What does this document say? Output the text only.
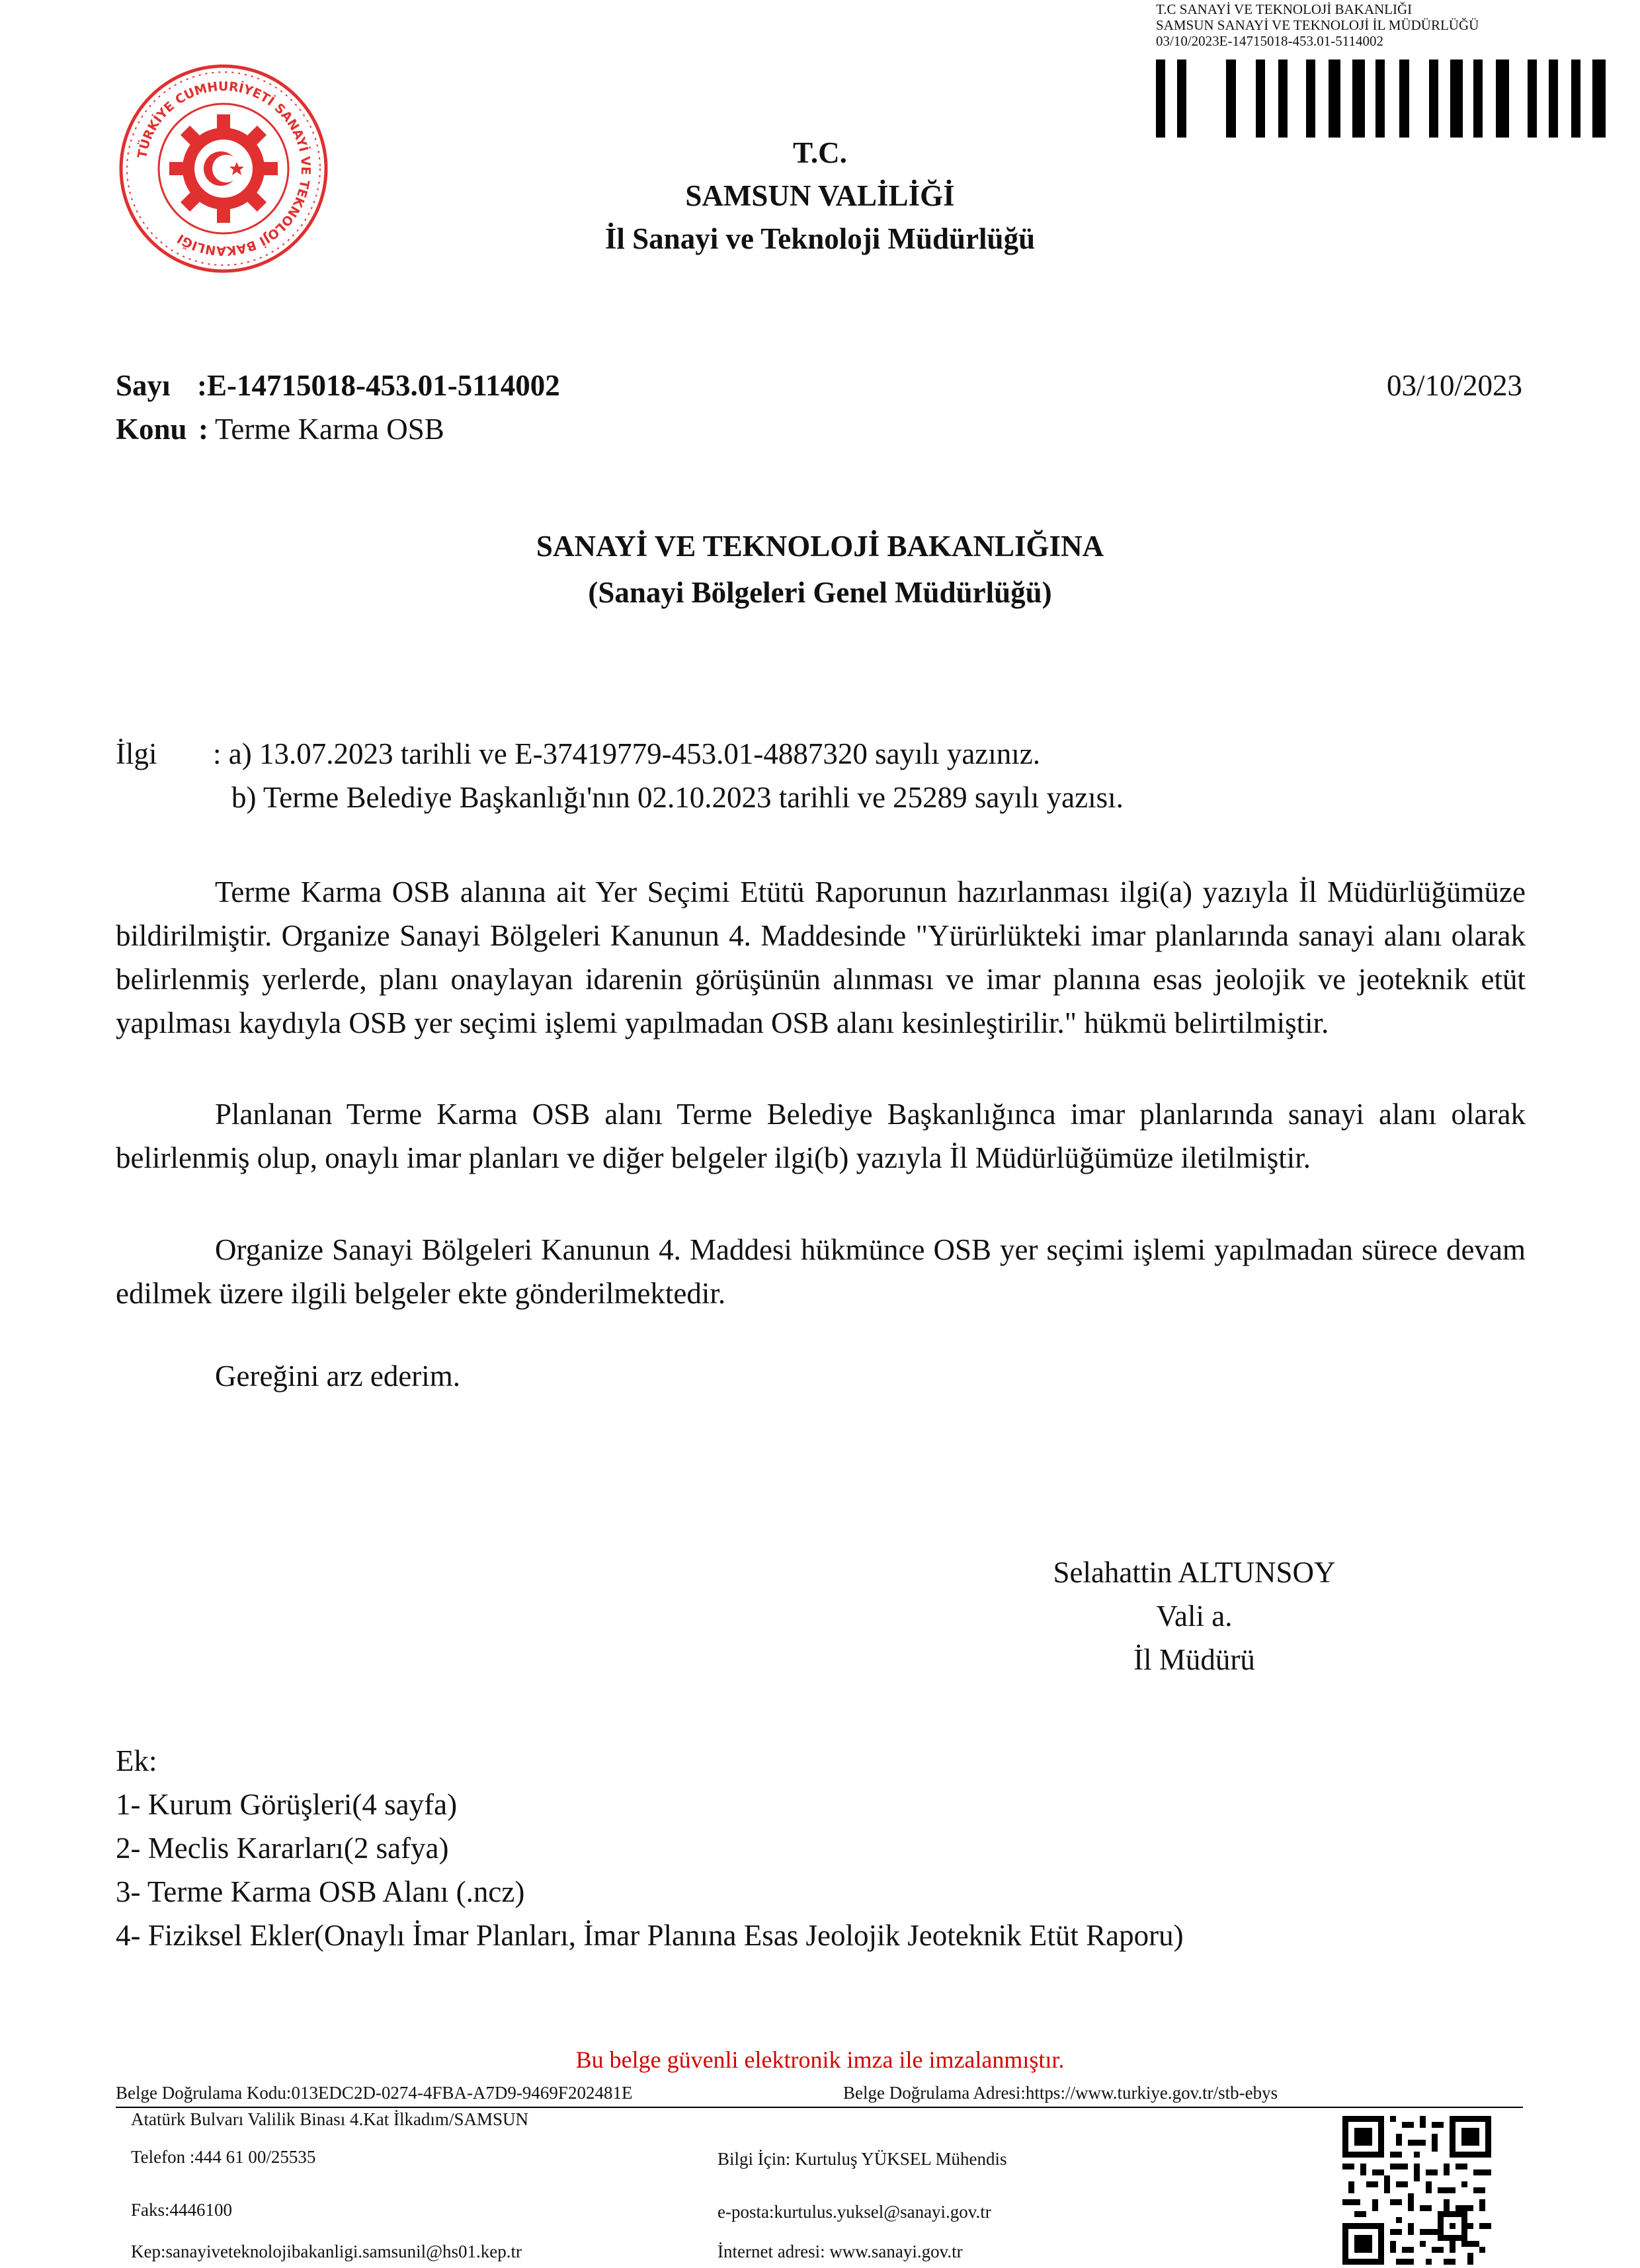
TÜRKİYE CUMHURİYETİ SANAYİ VE TEKNOLOJİ BAKANLIĞI
T.C SANAYİ VE TEKNOLOJİ BAKANLIĞI
SAMSUN SANAYİ VE TEKNOLOJİ İL MÜDÜRLÜĞÜ
03/10/2023E-14715018-453.01-5114002
T.C.
SAMSUN VALİLİĞİ
İl Sanayi ve Teknoloji Müdürlüğü
Sayı :E-14715018-453.01-5114002	03/10/2023
Konu : Terme Karma OSB
SANAYİ VE TEKNOLOJİ BAKANLIĞINA
(Sanayi Bölgeleri Genel Müdürlüğü)
İlgi : a) 13.07.2023 tarihli ve E-37419779-453.01-4887320 sayılı yazınız.
b) Terme Belediye Başkanlığı'nın 02.10.2023 tarihli ve 25289 sayılı yazısı.
Terme Karma OSB alanına ait Yer Seçimi Etütü Raporunun hazırlanması ilgi(a) yazıyla İl Müdürlüğümüze bildirilmiştir. Organize Sanayi Bölgeleri Kanunun 4. Maddesinde "Yürürlükteki imar planlarında sanayi alanı olarak belirlenmiş yerlerde, planı onaylayan idarenin görüşünün alınması ve imar planına esas jeolojik ve jeoteknik etüt yapılması kaydıyla OSB yer seçimi işlemi yapılmadan OSB alanı kesinleştirilir." hükmü belirtilmiştir.
Planlanan Terme Karma OSB alanı Terme Belediye Başkanlığınca imar planlarında sanayi alanı olarak belirlenmiş olup, onaylı imar planları ve diğer belgeler ilgi(b) yazıyla İl Müdürlüğümüze iletilmiştir.
Organize Sanayi Bölgeleri Kanunun 4. Maddesi hükmünce OSB yer seçimi işlemi yapılmadan sürece devam edilmek üzere ilgili belgeler ekte gönderilmektedir.
Gereğini arz ederim.
Selahattin ALTUNSOY
Vali a.
İl Müdürü
Ek:
1- Kurum Görüşleri(4 sayfa)
2- Meclis Kararları(2 safya)
3- Terme Karma OSB Alanı (.ncz)
4- Fiziksel Ekler(Onaylı İmar Planları, İmar Planına Esas Jeolojik Jeoteknik Etüt Raporu)
Bu belge güvenli elektronik imza ile imzalanmıştır.
Belge Doğrulama Kodu:013EDC2D-0274-4FBA-A7D9-9469F202481E	Belge Doğrulama Adresi:https://www.turkiye.gov.tr/stb-ebys
Atatürk Bulvarı Valilik Binası 4.Kat İlkadım/SAMSUN
Telefon :444 61 00/25535
Faks:4446100
Kep:sanayiveteknolojibakanligi.samsunil@hs01.kep.tr
Bilgi İçin: Kurtuluş YÜKSEL Mühendis
e-posta:kurtulus.yuksel@sanayi.gov.tr
İnternet adresi: www.sanayi.gov.tr
